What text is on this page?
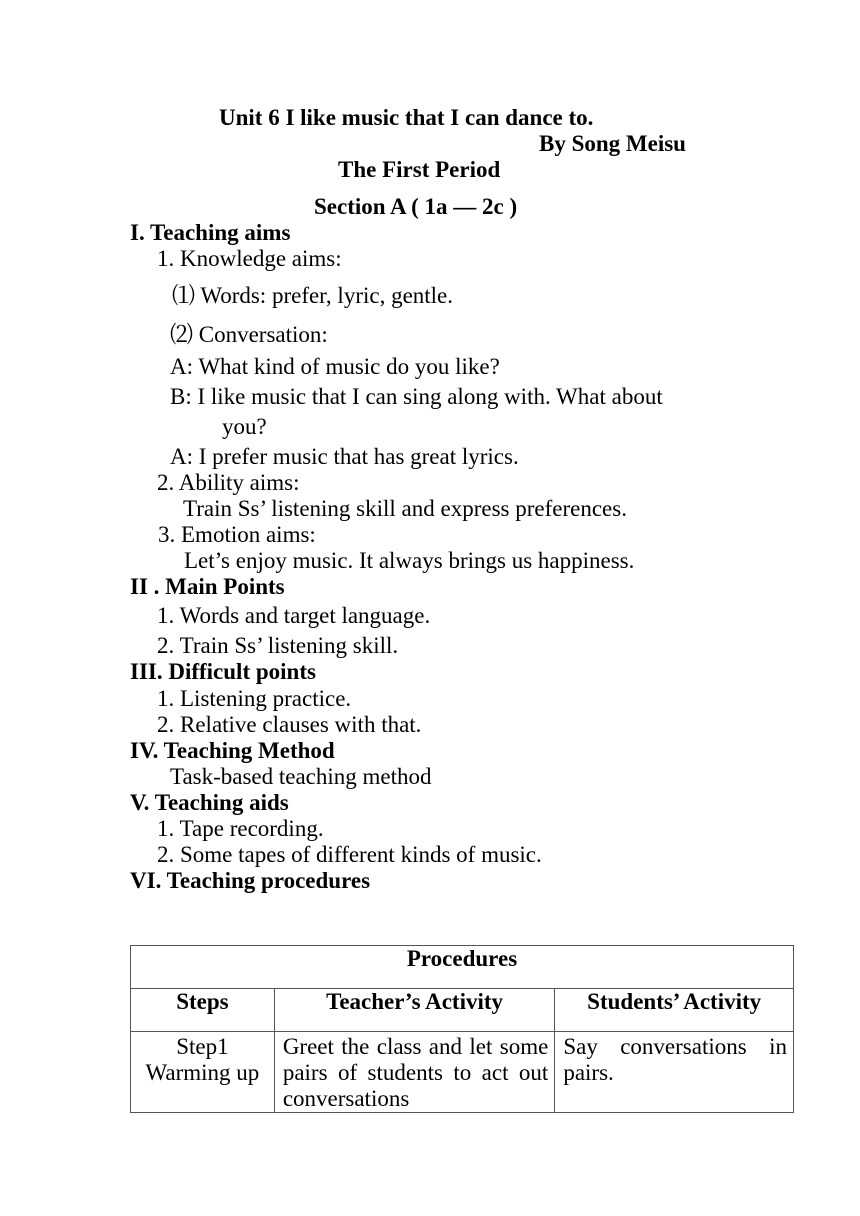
Unit 6 I like music that I can dance to.
By Song Meisu
The First Period
Section A ( 1a — 2c )
I. Teaching aims
1. Knowledge aims:
⑴ Words: prefer, lyric, gentle.
⑵ Conversation:
A: What kind of music do you like?
B: I like music that I can sing along with. What about
you?
A: I prefer music that has great lyrics.
2. Ability aims:
Train Ss’ listening skill and express preferences.
3. Emotion aims:
Let’s enjoy music. It always brings us happiness.
II . Main Points
1. Words and target language.
2. Train Ss’ listening skill.
III. Difficult points
1. Listening practice.
2. Relative clauses with that.
IV. Teaching Method
Task-based teaching method
V. Teaching aids
1. Tape recording.
2. Some tapes of different kinds of music.
VI. Teaching procedures
Procedures		
Steps	Teacher’s Activity	Students’ Activity

Step1 Warming up	Greet the class and let some pairs of students to act out conversations	Say conversations in pairs.
